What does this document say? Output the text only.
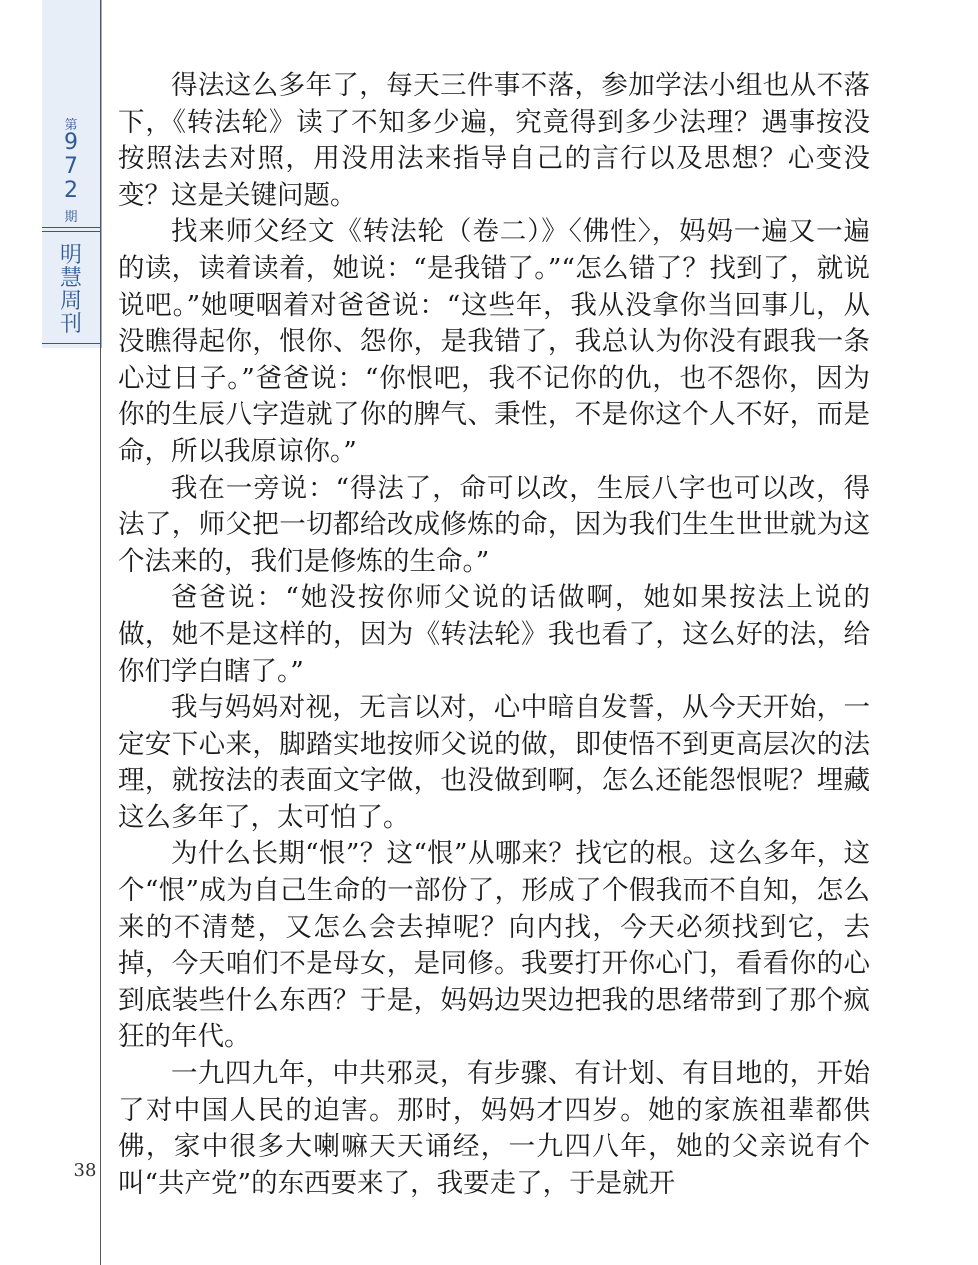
第
9
7
2
期
明
慧
周
刊
38

得法这么多年了，每天三件事不落，参加学法小组也从不落下，《转法轮》读了不知多少遍，究竟得到多少法理？遇事按没按照法去对照，用没用法来指导自己的言行以及思想？心变没变？这是关键问题。

找来师父经文《转法轮（卷二）》〈佛性〉，妈妈一遍又一遍的读，读着读着，她说：“是我错了。”“怎么错了？找到了，就说说吧。”她哽咽着对爸爸说：“这些年，我从没拿你当回事儿，从没瞧得起你，恨你、怨你，是我错了，我总认为你没有跟我一条心过日子。”爸爸说：“你恨吧，我不记你的仇，也不怨你，因为你的生辰八字造就了你的脾气、秉性，不是你这个人不好，而是命，所以我原谅你。”

我在一旁说：“得法了，命可以改，生辰八字也可以改，得法了，师父把一切都给改成修炼的命，因为我们生生世世就为这个法来的，我们是修炼的生命。”

爸爸说：“她没按你师父说的话做啊，她如果按法上说的做，她不是这样的，因为《转法轮》我也看了，这么好的法，给你们学白瞎了。”

我与妈妈对视，无言以对，心中暗自发誓，从今天开始，一定安下心来，脚踏实地按师父说的做，即使悟不到更高层次的法理，就按法的表面文字做，也没做到啊，怎么还能怨恨呢？埋藏这么多年了，太可怕了。

为什么长期“恨”？这“恨”从哪来？找它的根。这么多年，这个“恨”成为自己生命的一部份了，形成了个假我而不自知，怎么来的不清楚，又怎么会去掉呢？向内找，今天必须找到它，去掉，今天咱们不是母女，是同修。我要打开你心门，看看你的心到底装些什么东西？于是，妈妈边哭边把我的思绪带到了那个疯狂的年代。

一九四九年，中共邪灵，有步骤、有计划、有目地的，开始了对中国人民的迫害。那时，妈妈才四岁。她的家族祖辈都供佛，家中很多大喇嘛天天诵经，一九四八年，她的父亲说有个叫“共产党”的东西要来了，我要走了，于是就开
